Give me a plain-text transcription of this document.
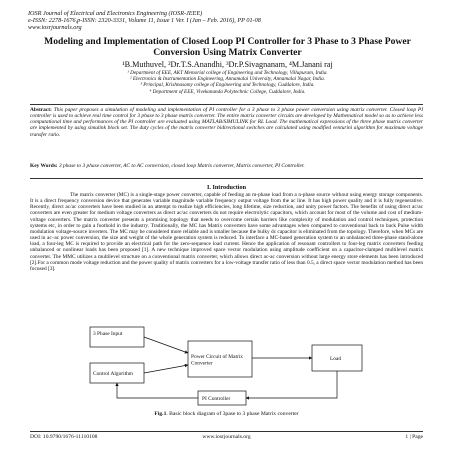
IOSR Journal of Electrical and Electronics Engineering (IOSR-JEEE)
e-ISSN: 2278-1676,p-ISSN: 2320-3331, Volume 11, Issue 1 Ver. I (Jan – Feb. 2016), PP 01-08
www.iosrjournals.org
Modeling and Implementation of Closed Loop PI Controller for 3 Phase to 3 Phase Power Conversion Using Matrix Converter
¹B.Muthuvel, ²Dr.T.S.Anandhi, ³Dr.P.Sivagnanam, ⁴M.Janani raj
¹ Department of EEE, AKT Memorial college of Engineering and Technology, Villupuram, India.
² Electronics & Instrumentation Engineering, Annamalai University, Annamalai Nagar, India.
³ Principal, Krishnasamy college of Engineering and Technology, Cuddalore, India.
⁴ Department of EEE, Vivekananda Polytechnic College, Cuddalore, India.
Abstract: This paper proposes a simulation of modeling and implementation of PI controller for a 3 phase to 3 phase power conversion using matrix converter. Closed loop PI controller is used to achieve real time control for 3 phase to 3 phase matrix converter. The entire matrix converter circuits are developed by Mathematical model so as to achieve less computational time and performances of the PI controller are evaluated using MATLAB/SIMULINK for RL Load. The mathematical expressions of the three phase matrix converter are implemented by using simulink block set. The duty cycles of the matrix converter bidirectional switches are calculated using modified venturini algorithm for maximum voltage transfer ratio.
Key Words: 3 phase to 3 phase converter, AC to AC conversion, closed loop Matrix converter, Matrix converter, PI Controller.
I. Introduction
The matrix converter (MC) is a single-stage power converter, capable of feeding an m-phase load from a n-phase source without using energy storage components. It is a direct frequency conversion device that generates variable magnitude variable frequency output voltage from the ac line. It has high power quality and it is fully regenerative. Recently, direct ac/ac converters have been studied in an attempt to realize high efficiencies, long lifetime, size reduction, and unity power factors. The benefits of using direct ac/ac converters are even greater for medium voltage converters as direct ac/ac converters do not require electrolytic capacitors, which account for most of the volume and cost of medium-voltage converters. The matrix converter presents a promising topology that needs to overcome certain barriers like complexity of modulation and control techniques, protection systems etc, in order to gain a foothold in the industry. Traditionally, the MC has Matrix converters have some advantages when compared to conventional back to back Pulse width modulation voltage-source inverters. The MC may be considered more reliable and is smaller because the bulky dc capacitor is eliminated from the topology. Therefore, when MCs are used in ac–ac power conversion, the size and weight of the whole generation system is reduced. To interface a MC-based generation system to an unbalanced three-phase stand-alone load, a four-leg MC is required to provide an electrical path for the zero-sequence load current. Hence the application of resonant controllers to four-leg matrix converters feeding unbalanced or nonlinear loads has been proposed [1]. A new technique improved space vector modulation using amplitude coefficient on a capacitor-clamped multilevel matrix converter. The MMC utilizes a multilevel structure on a conventional matrix converter, which allows direct ac-ac conversion without large energy store elements has been introduced [2].For a common mode voltage reduction and the power quality of matrix converters for a low-voltage transfer ratio of less than 0.5, a direct space vector modulation method has been focused [3].
3 Phase Input
Control Algorithm
Power Circuit of Matrix Converter
Load
PI Controller
Fig.1. Basic block diagram of 3pase to 3 phase Matrix converter
DOI: 10.9790/1676-11110108	www.iosrjournals.org	1 | Page
